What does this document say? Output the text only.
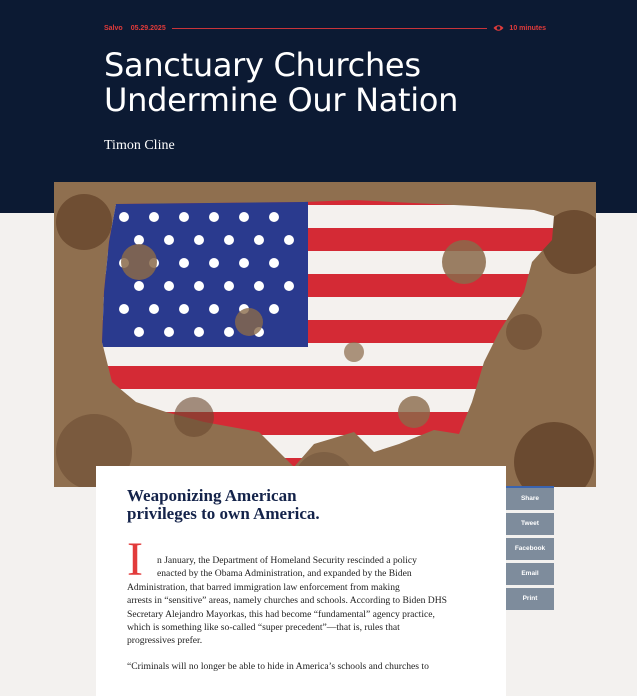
Salvo 05.29.2025	10 minutes
Sanctuary Churches
Undermine Our Nation
Timon Cline
Weaponizing American
privileges to own America.
I	n January, the Department of Homeland Security rescinded a policy
enacted by the Obama Administration, and expanded by the Biden
Administration, that barred immigration law enforcement from making
arrests in “sensitive” areas, namely churches and schools. According to Biden DHS
Secretary Alejandro Mayorkas, this had become “fundamental” agency practice,
which is something like so-called “super precedent”—that is, rules that
progressives prefer.
“Criminals will no longer be able to hide in America’s schools and churches to
Share
Tweet
Facebook
Email
Print
